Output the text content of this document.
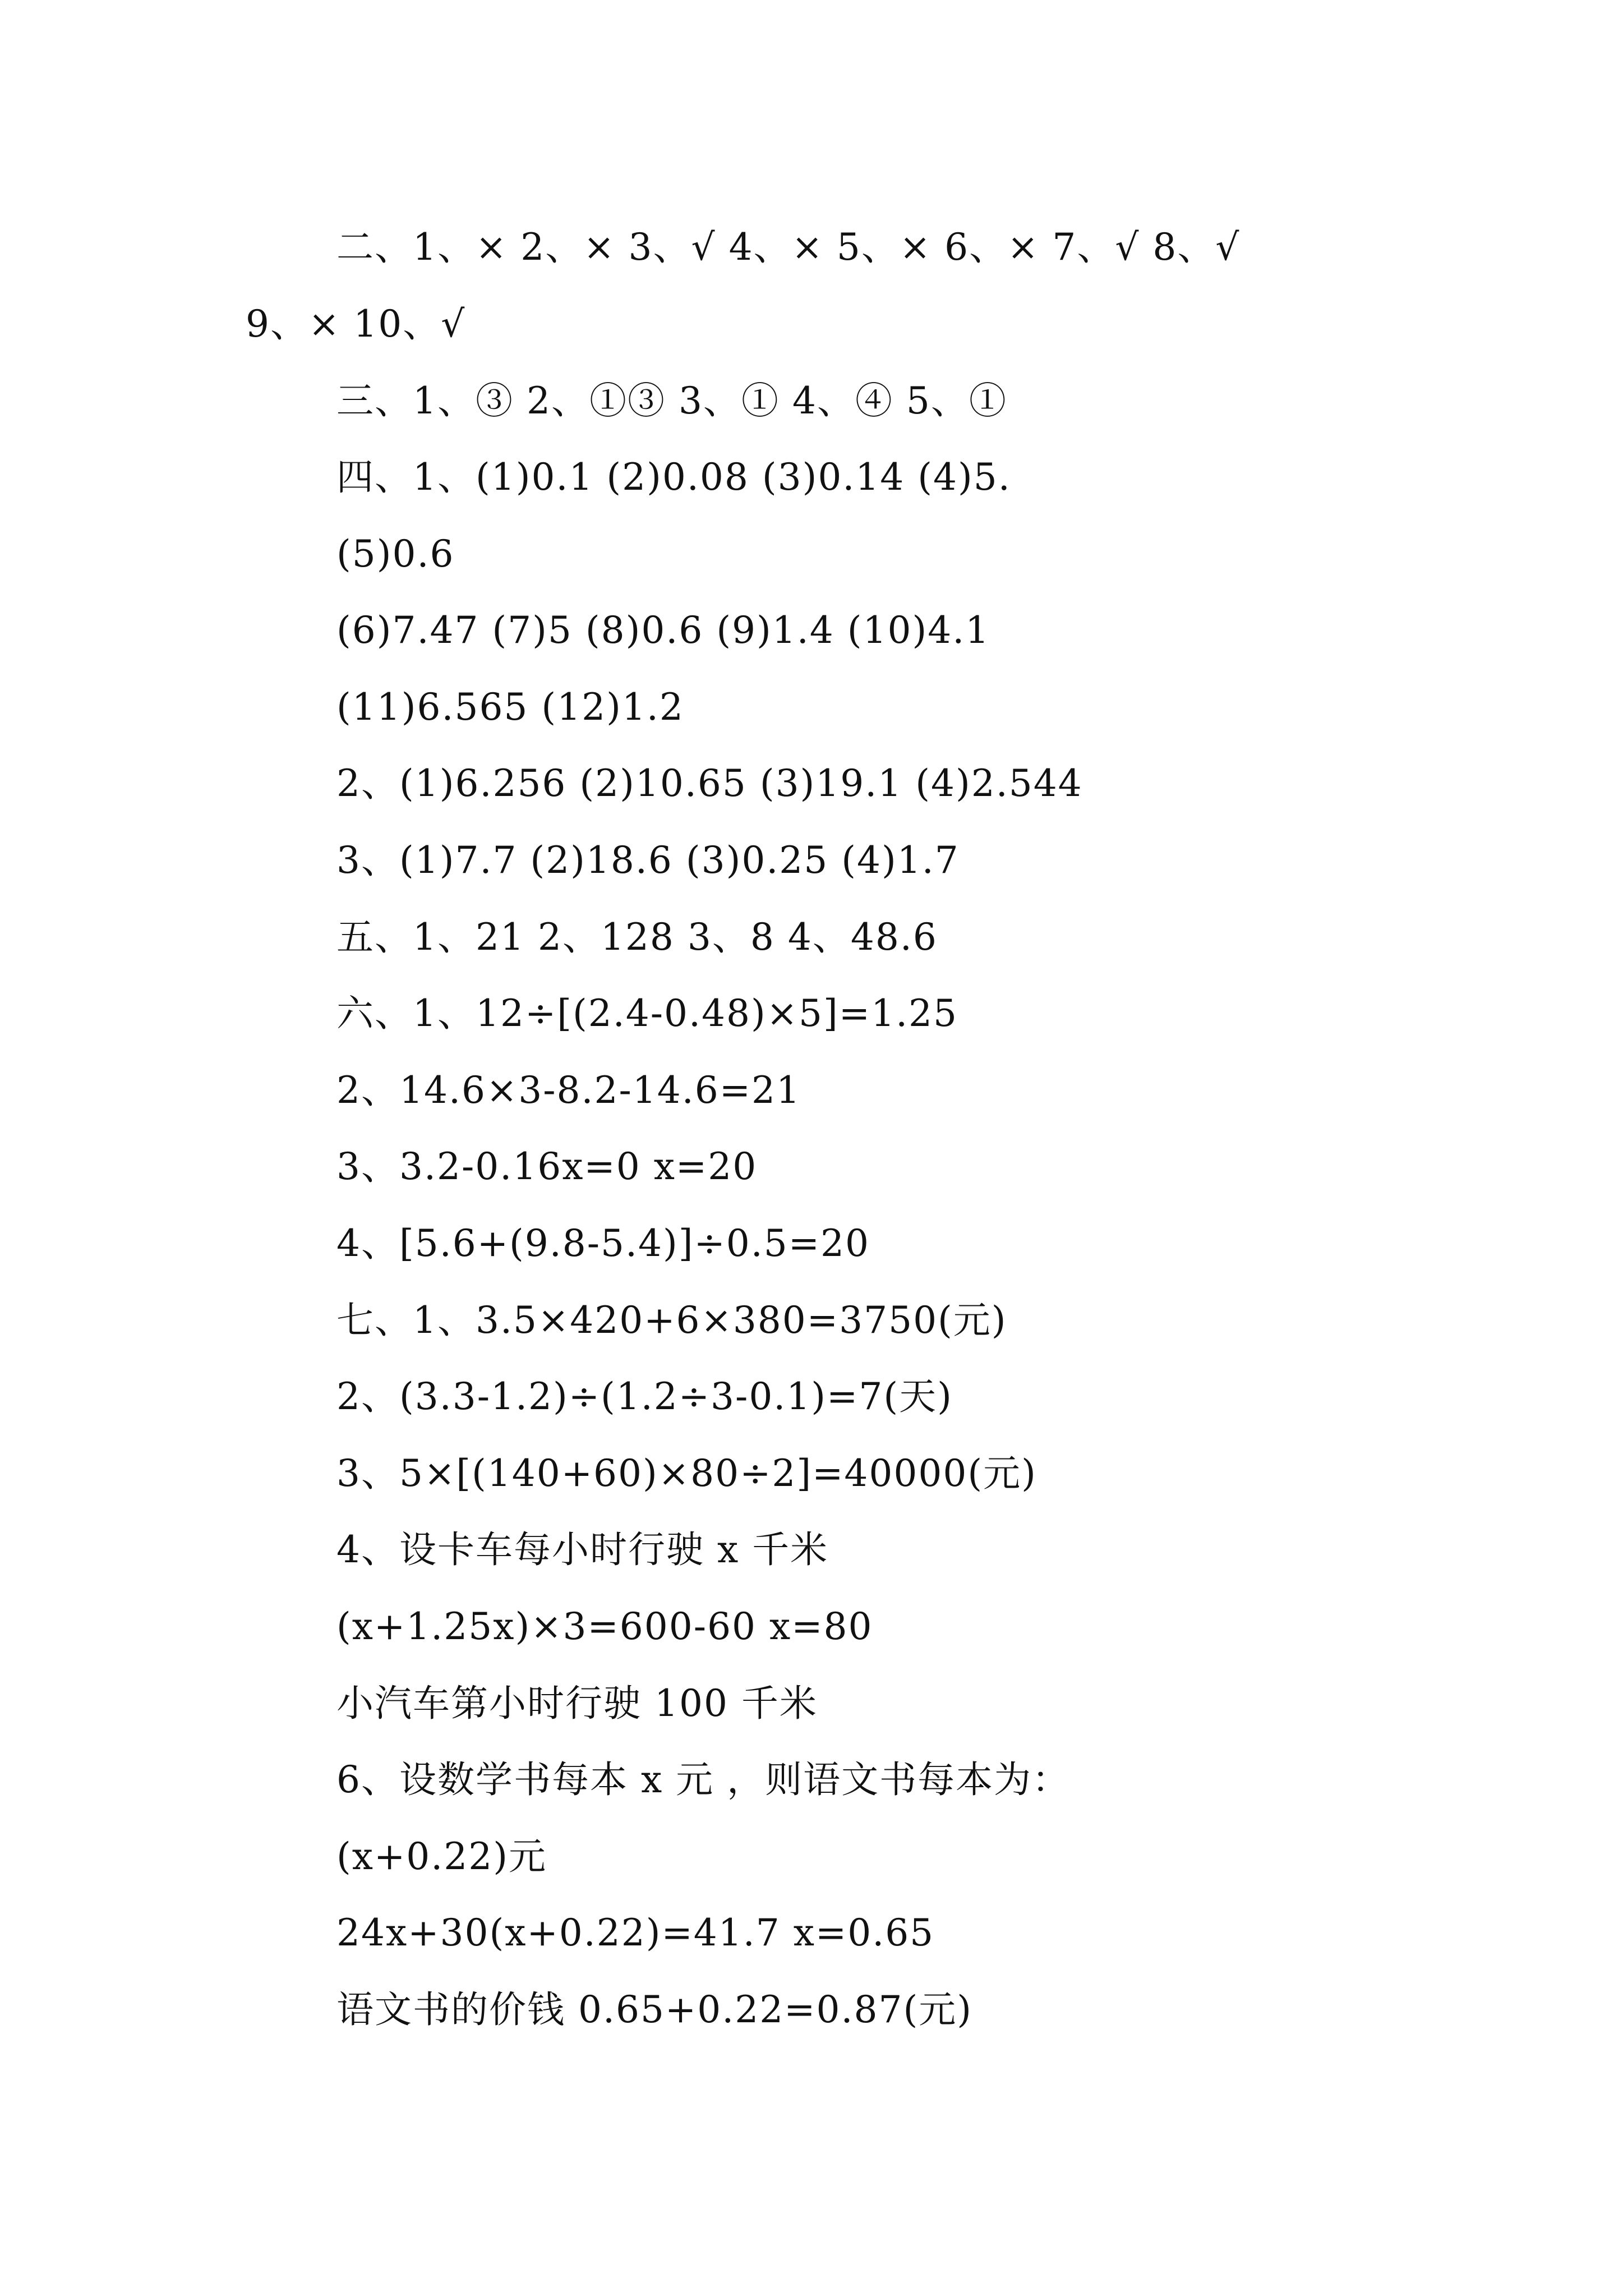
二、1、× 2、× 3、√ 4、× 5、× 6、× 7、√ 8、√
9、× 10、√
三、1、③ 2、①③ 3、① 4、④ 5、①
四、1、(1)0.1 (2)0.08 (3)0.14 (4)5.
(5)0.6
(6)7.47 (7)5 (8)0.6 (9)1.4 (10)4.1
(11)6.565 (12)1.2
2、(1)6.256 (2)10.65 (3)19.1 (4)2.544
3、(1)7.7 (2)18.6 (3)0.25 (4)1.7
五、1、21 2、128 3、8 4、48.6
六、1、12÷[(2.4-0.48)×5]=1.25
2、14.6×3-8.2-14.6=21
3、3.2-0.16x=0 x=20
4、[5.6+(9.8-5.4)]÷0.5=20
七、1、3.5×420+6×380=3750(元)
2、(3.3-1.2)÷(1.2÷3-0.1)=7(天)
3、5×[(140+60)×80÷2]=40000(元)
4、设卡车每小时行驶 x 千米
(x+1.25x)×3=600-60 x=80
小汽车第小时行驶 100 千米
6、设数学书每本 x 元 ，则语文书每本为：
(x+0.22)元
24x+30(x+0.22)=41.7 x=0.65
语文书的价钱 0.65+0.22=0.87(元)
